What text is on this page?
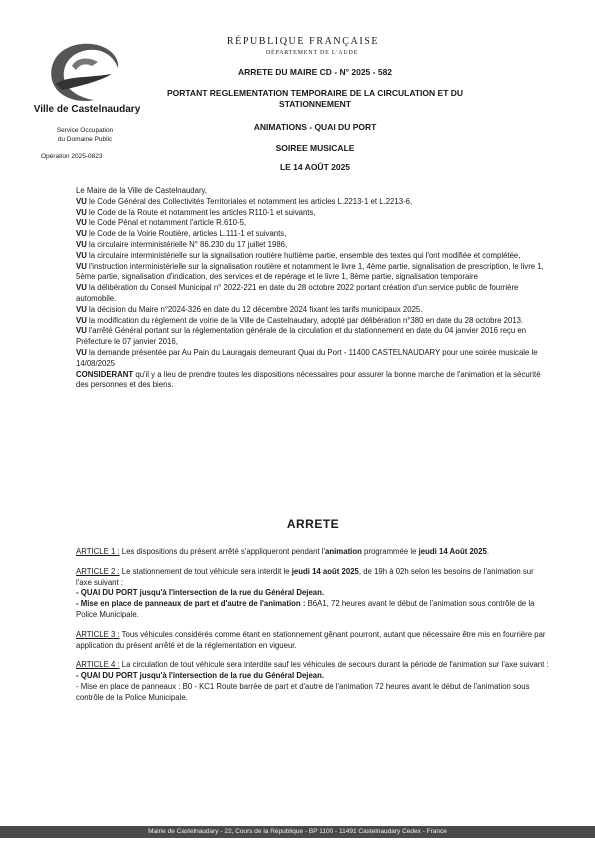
Ville de Castelnaudary
Service Occupation
du Domaine Public
Opération 2025-0823
RÉPUBLIQUE FRANÇAISE
DÉPARTEMENT DE L'AUDE
ARRETE DU MAIRE CD - N° 2025 - 582
PORTANT REGLEMENTATION TEMPORAIRE DE LA CIRCULATION ET DU
STATIONNEMENT
ANIMATIONS - QUAI DU PORT
SOIREE MUSICALE
LE 14 AOÛT 2025

Le Maire de la Ville de Castelnaudary,

VU le Code Général des Collectivités Territoriales et notamment les articles L.2213-1 et L.2213-6,

VU le Code de la Route et notamment les articles R110-1 et suivants,

VU le Code Pénal et notamment l'article R.610-5,

VU le Code de la Voirie Routière, articles L.111-1 et suivants,

VU la circulaire interministérielle N° 86.230 du 17 juillet 1986,

VU la circulaire interministérielle sur la signalisation routière huitième partie, ensemble des textes qui l'ont modifiée et complétée,

VU l'instruction interministérielle sur la signalisation routière et notamment le livre 1, 4ème partie, signalisation de prescription, le livre 1, 5ème partie, signalisation d'indication, des services et de repérage et le livre 1, 8ème partie, signalisation temporaire

VU la délibération du Conseil Municipal n° 2022-221 en date du 28 octobre 2022 portant création d'un service public de fourrière automobile.

VU la décision du Maire n°2024-326 en date du 12 décembre 2024 fixant les tarifs municipaux 2025.

VU la modification du règlement de voirie de la Ville de Castelnaudary, adopté par délibération n°380 en date du 28 octobre 2013.

VU l'arrêté Général portant sur la réglementation générale de la circulation et du stationnement en date du 04 janvier 2016 reçu en Préfecture le 07 janvier 2016,

VU la demande présentée par Au Pain du Lauragais demeurant Quai du Port - 11400 CASTELNAUDARY pour une soirée musicale le 14/08/2025

CONSIDERANT qu'il y a lieu de prendre toutes les dispositions nécessaires pour assurer la bonne marche de l'animation et la sécurité des personnes et des biens.

ARRETE

ARTICLE 1 : Les dispositions du présent arrêté s'appliqueront pendant l'animation programmée le jeudi 14 Août 2025.

ARTICLE 2 : Le stationnement de tout véhicule sera interdit le jeudi 14 août 2025, de 19h à 02h selon les besoins de l'animation sur l'axe suivant :

- QUAI DU PORT jusqu'à l'intersection de la rue du Général Dejean.

- Mise en place de panneaux de part et d'autre de l'animation : B6A1, 72 heures avant le début de l'animation sous contrôle de la Police Municipale.

ARTICLE 3 : Tous véhicules considérés comme étant en stationnement gênant pourront, autant que nécessaire être mis en fourrière par application du présent arrêté et de la réglementation en vigueur.

ARTICLE 4 : La circulation de tout véhicule sera interdite sauf les véhicules de secours durant la période de l'animation sur l'axe suivant :

- QUAI DU PORT jusqu'à l'intersection de la rue du Général Dejean.

- Mise en place de panneaux : B0 - KC1 Route barrée de part et d'autre de l'animation 72 heures avant le début de l'animation sous contrôle de la Police Municipale.

Mairie de Castelnaudary - 22, Cours de la République - BP 1100 - 11491 Castelnaudary Cedex - France
